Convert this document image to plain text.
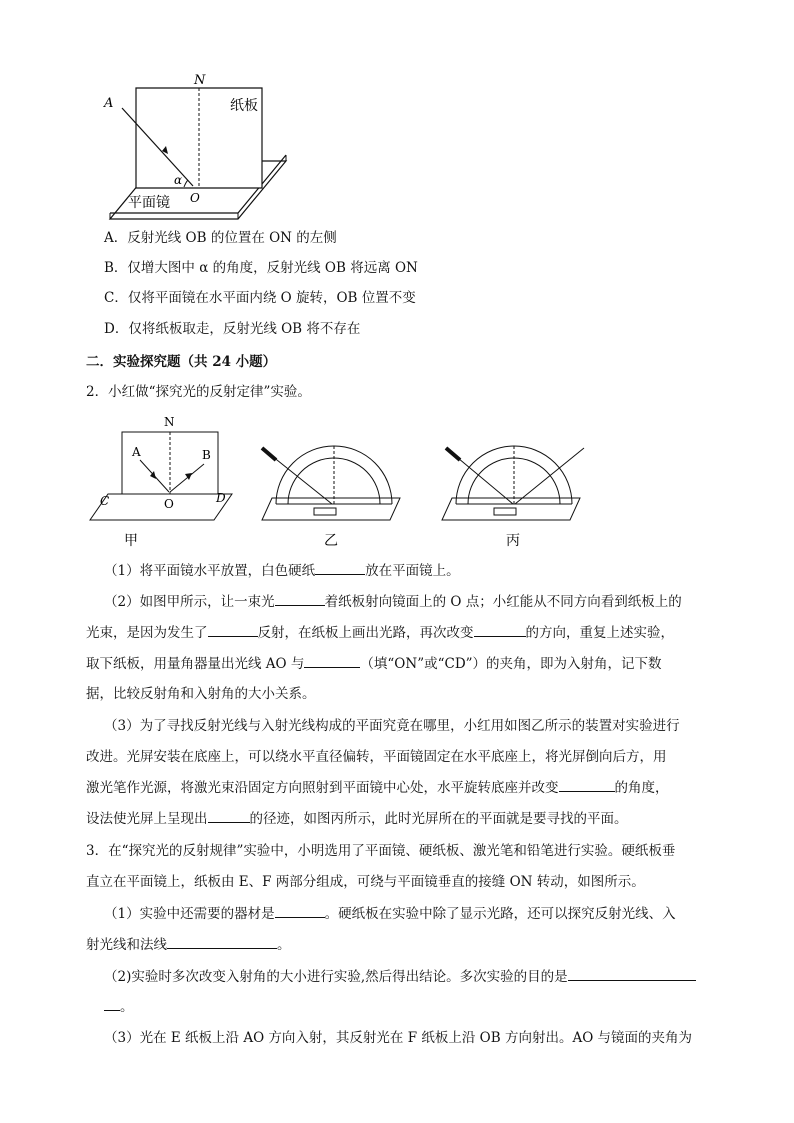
A
N
O
α
纸板
平面镜
A．反射光线 OB 的位置在 ON 的左侧
B．仅增大图中 α 的角度，反射光线 OB 将远离 ON
C．仅将平面镜在水平面内绕 O 旋转，OB 位置不变
D．仅将纸板取走，反射光线 OB 将不存在
二．实验探究题（共 24 小题）
2．小红做“探究光的反射定律”实验。
N
A	B
C	O	D
甲	乙	丙
（1）将平面镜水平放置，白色硬纸	放在平面镜上。
（2）如图甲所示，让一束光	着纸板射向镜面上的 O 点；小红能从不同方向看到纸板上的
光束，是因为发生了	反射，在纸板上画出光路，再次改变	的方向，重复上述实验，
取下纸板，用量角器量出光线 AO 与	（填“ON”或“CD”）的夹角，即为入射角，记下数
据，比较反射角和入射角的大小关系。
（3）为了寻找反射光线与入射光线构成的平面究竟在哪里，小红用如图乙所示的装置对实验进行
改进。光屏安装在底座上，可以绕水平直径偏转，平面镜固定在水平底座上，将光屏倒向后方，用
激光笔作光源，将激光束沿固定方向照射到平面镜中心处，水平旋转底座并改变	的角度，
设法使光屏上呈现出	的径迹，如图丙所示，此时光屏所在的平面就是要寻找的平面。
3．在“探究光的反射规律”实验中，小明选用了平面镜、硬纸板、激光笔和铅笔进行实验。硬纸板垂
直立在平面镜上，纸板由 E、F 两部分组成，可绕与平面镜垂直的接缝 ON 转动，如图所示。
（1）实验中还需要的器材是	。硬纸板在实验中除了显示光路，还可以探究反射光线、入
射光线和法线	。
（2)实验时多次改变入射角的大小进行实验,然后得出结论。多次实验的目的是
。
（3）光在 E 纸板上沿 AO 方向入射，其反射光在 F 纸板上沿 OB 方向射出。AO 与镜面的夹角为
